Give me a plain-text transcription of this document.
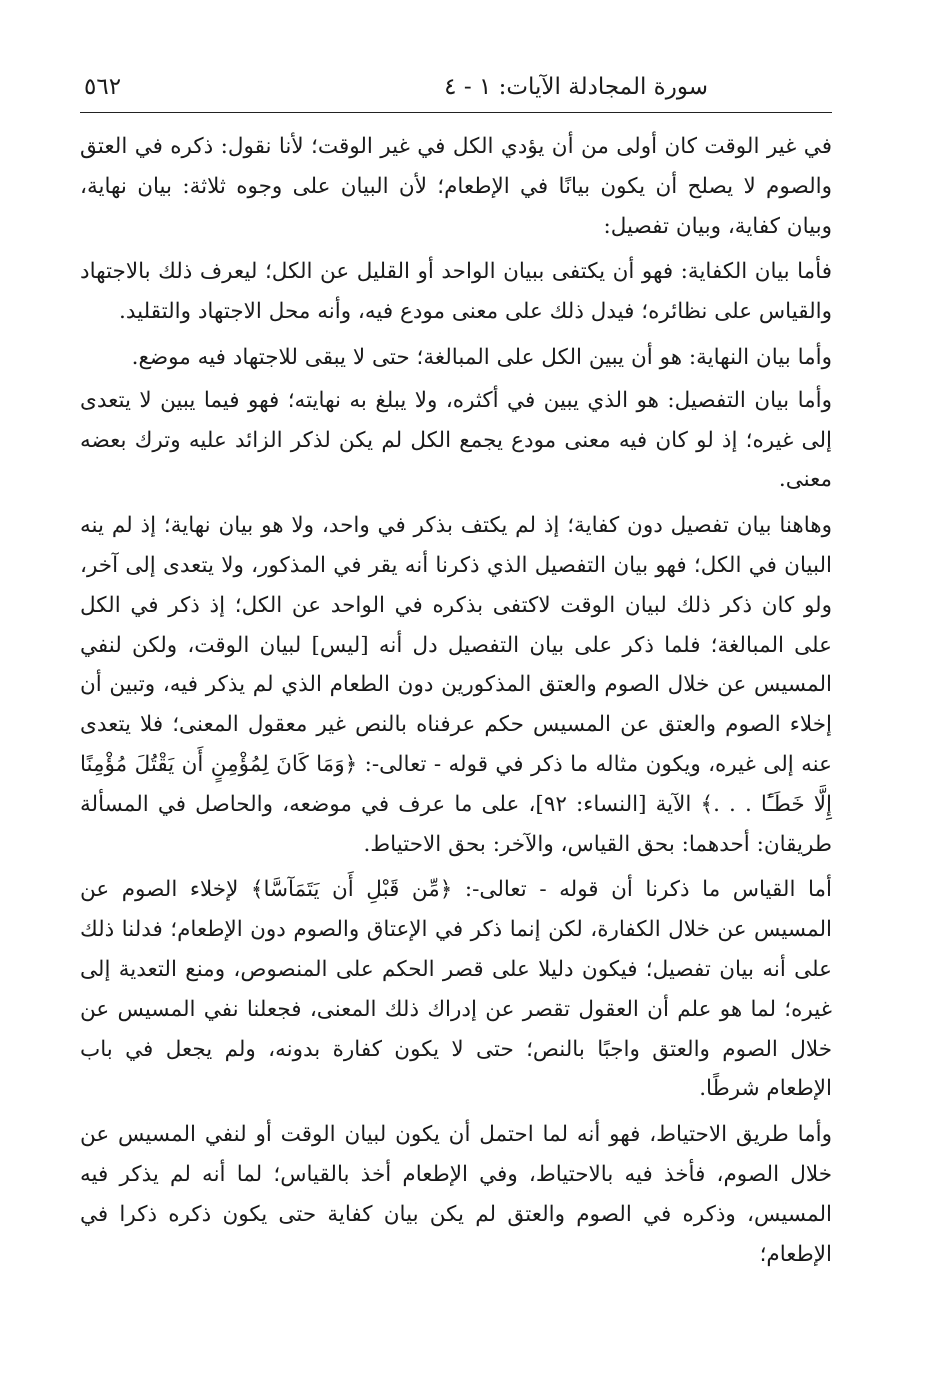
سورة المجادلة الآيات: ١ - ٤
٥٦٢

في غير الوقت كان أولى من أن يؤدي الكل في غير الوقت؛ لأنا نقول: ذكره في العتق والصوم لا يصلح أن يكون بيانًا في الإطعام؛ لأن البيان على وجوه ثلاثة: بيان نهاية، وبيان كفاية، وبيان تفصيل:

فأما بيان الكفاية: فهو أن يكتفى ببيان الواحد أو القليل عن الكل؛ ليعرف ذلك بالاجتهاد والقياس على نظائره؛ فيدل ذلك على معنى مودع فيه، وأنه محل الاجتهاد والتقليد.

وأما بيان النهاية: هو أن يبين الكل على المبالغة؛ حتى لا يبقى للاجتهاد فيه موضع.

وأما بيان التفصيل: هو الذي يبين في أكثره، ولا يبلغ به نهايته؛ فهو فيما يبين لا يتعدى إلى غيره؛ إذ لو كان فيه معنى مودع يجمع الكل لم يكن لذكر الزائد عليه وترك بعضه معنى.

وهاهنا بيان تفصيل دون كفاية؛ إذ لم يكتف بذكر في واحد، ولا هو بيان نهاية؛ إذ لم ينه البيان في الكل؛ فهو بيان التفصيل الذي ذكرنا أنه يقر في المذكور، ولا يتعدى إلى آخر، ولو كان ذكر ذلك لبيان الوقت لاكتفى بذكره في الواحد عن الكل؛ إذ ذكر في الكل على المبالغة؛ فلما ذكر على بيان التفصيل دل أنه [ليس] لبيان الوقت، ولكن لنفي المسيس عن خلال الصوم والعتق المذكورين دون الطعام الذي لم يذكر فيه، وتبين أن إخلاء الصوم والعتق عن المسيس حكم عرفناه بالنص غير معقول المعنى؛ فلا يتعدى عنه إلى غيره، ويكون مثاله ما ذكر في قوله - تعالى-: ﴿وَمَا كَانَ لِمُؤْمِنٍ أَن يَقْتُلَ مُؤْمِنًا إِلَّا خَطَـًٔا . . .﴾ الآية [النساء: ٩٢]، على ما عرف في موضعه، والحاصل في المسألة طريقان: أحدهما: بحق القياس، والآخر: بحق الاحتياط.

أما القياس ما ذكرنا أن قوله - تعالى-: ﴿مِّن قَبْلِ أَن يَتَمَآسَّا﴾ لإخلاء الصوم عن المسيس عن خلال الكفارة، لكن إنما ذكر في الإعتاق والصوم دون الإطعام؛ فدلنا ذلك على أنه بيان تفصيل؛ فيكون دليلا على قصر الحكم على المنصوص، ومنع التعدية إلى غيره؛ لما هو علم أن العقول تقصر عن إدراك ذلك المعنى، فجعلنا نفي المسيس عن خلال الصوم والعتق واجبًا بالنص؛ حتى لا يكون كفارة بدونه، ولم يجعل في باب الإطعام شرطًا.

وأما طريق الاحتياط، فهو أنه لما احتمل أن يكون لبيان الوقت أو لنفي المسيس عن خلال الصوم، فأخذ فيه بالاحتياط، وفي الإطعام أخذ بالقياس؛ لما أنه لم يذكر فيه المسيس، وذكره في الصوم والعتق لم يكن بيان كفاية حتى يكون ذكره ذكرا في الإطعام؛
